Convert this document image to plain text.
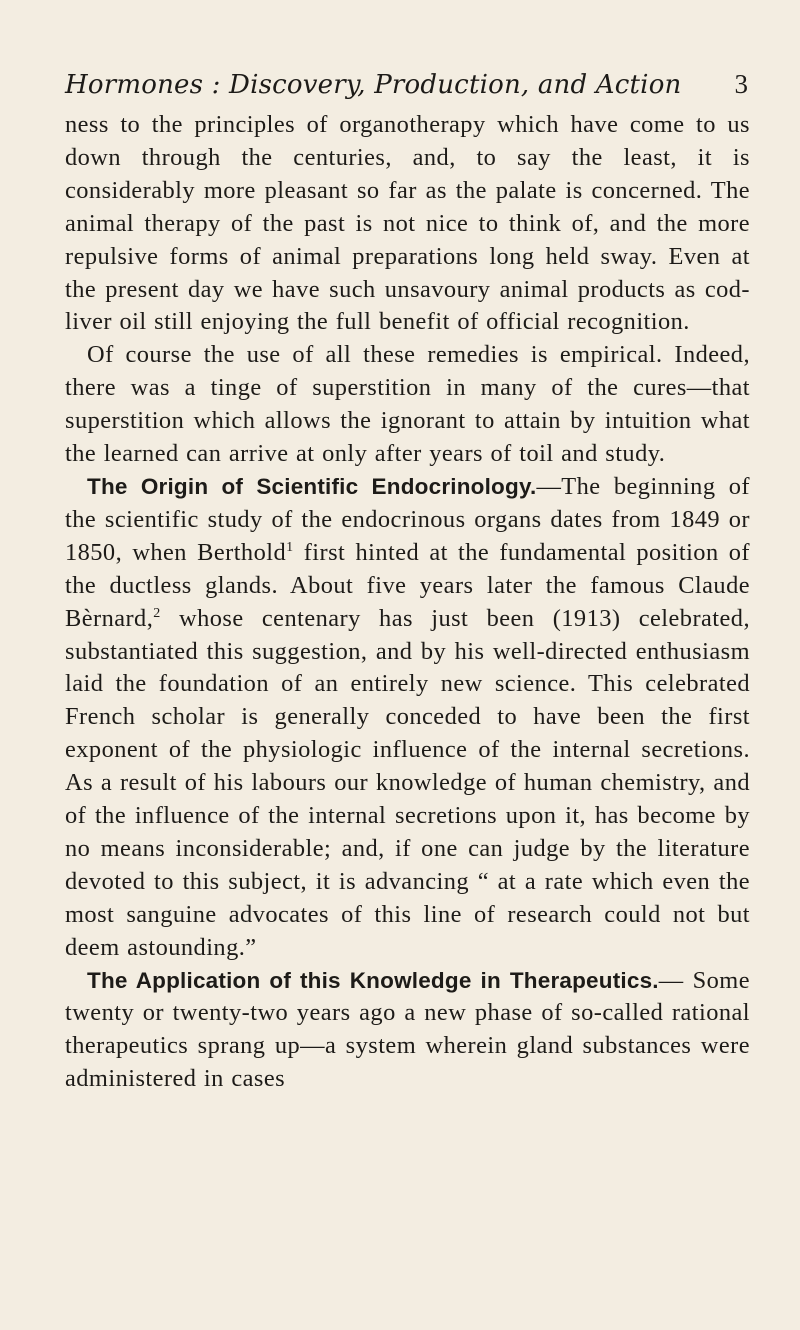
Hormones : Discovery, Production, and Action 3

ness to the principles of organotherapy which have come to us down through the centuries, and, to say the least, it is considerably more pleasant so far as the palate is concerned. The animal therapy of the past is not nice to think of, and the more repulsive forms of animal preparations long held sway. Even at the present day we have such unsavoury animal products as cod-liver oil still enjoying the full benefit of official recognition.

Of course the use of all these remedies is empirical. Indeed, there was a tinge of superstition in many of the cures—that superstition which allows the ignorant to attain by intuition what the learned can arrive at only after years of toil and study.

The Origin of Scientific Endocrinology.—The beginning of the scientific study of the endocrinous organs dates from 1849 or 1850, when Berthold$^1$ first hinted at the fundamental position of the ductless glands. About five years later the famous Claude Bèrnard,$^2$ whose centenary has just been (1913) celebrated, substantiated this suggestion, and by his well-directed enthusiasm laid the foundation of an entirely new science. This celebrated French scholar is generally conceded to have been the first exponent of the physiologic influence of the internal secretions. As a result of his labours our knowledge of human chemistry, and of the influence of the internal secretions upon it, has become by no means inconsiderable; and, if one can judge by the literature devoted to this subject, it is advancing “ at a rate which even the most sanguine advocates of this line of research could not but deem astounding.”

The Application of this Knowledge in Therapeutics.— Some twenty or twenty-two years ago a new phase of so-called rational therapeutics sprang up—a system wherein gland substances were administered in cases
